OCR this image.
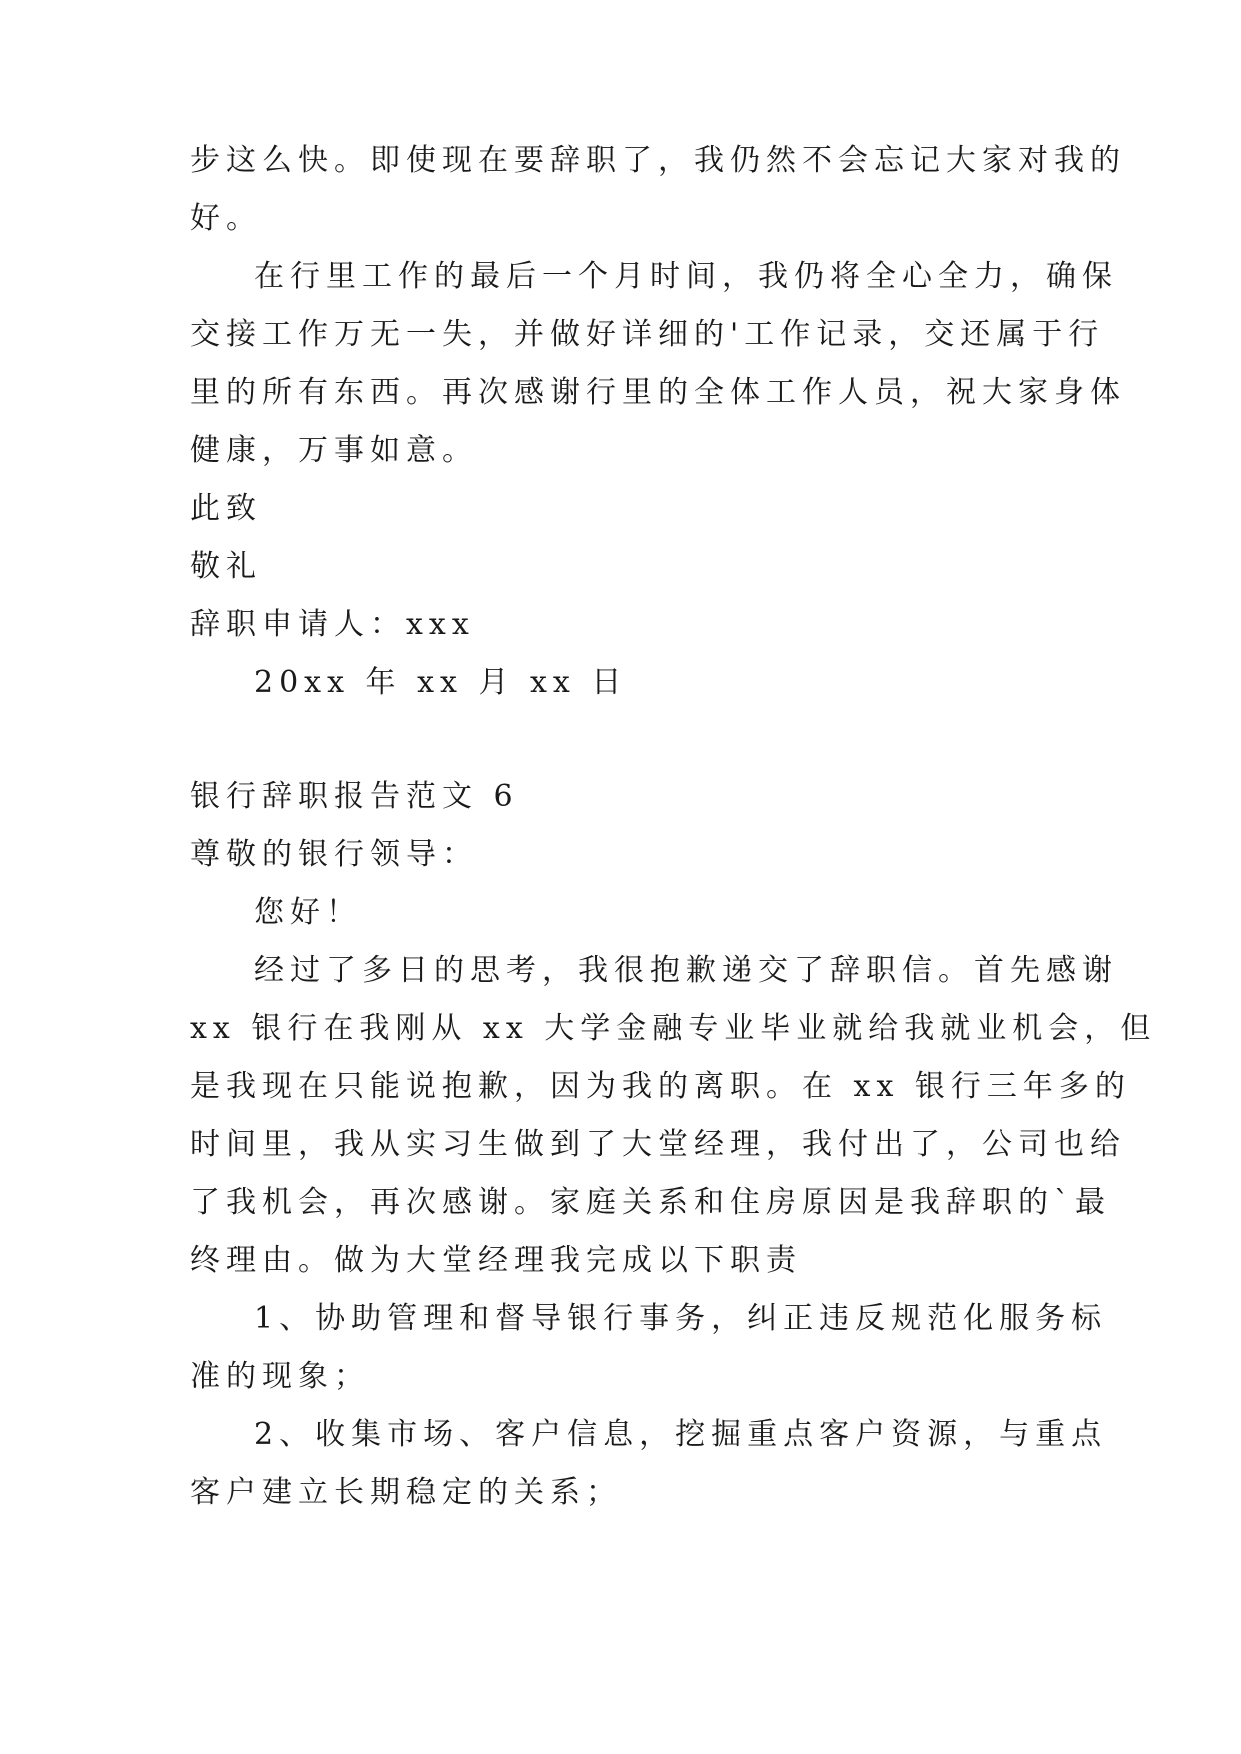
步这么快。即使现在要辞职了，我仍然不会忘记大家对我的
好。
在行里工作的最后一个月时间，我仍将全心全力，确保
交接工作万无一失，并做好详细的'工作记录，交还属于行
里的所有东西。再次感谢行里的全体工作人员，祝大家身体
健康，万事如意。
此致
敬礼
辞职申请人：xxx
20xx 年 xx 月 xx 日
银行辞职报告范文 6
尊敬的银行领导：
您好！
经过了多日的思考，我很抱歉递交了辞职信。首先感谢
xx 银行在我刚从 xx 大学金融专业毕业就给我就业机会，但
是我现在只能说抱歉，因为我的离职。在 xx 银行三年多的
时间里，我从实习生做到了大堂经理，我付出了，公司也给
了我机会，再次感谢。家庭关系和住房原因是我辞职的`最
终理由。做为大堂经理我完成以下职责
1、协助管理和督导银行事务，纠正违反规范化服务标
准的现象；
2、收集市场、客户信息，挖掘重点客户资源，与重点
客户建立长期稳定的关系；
